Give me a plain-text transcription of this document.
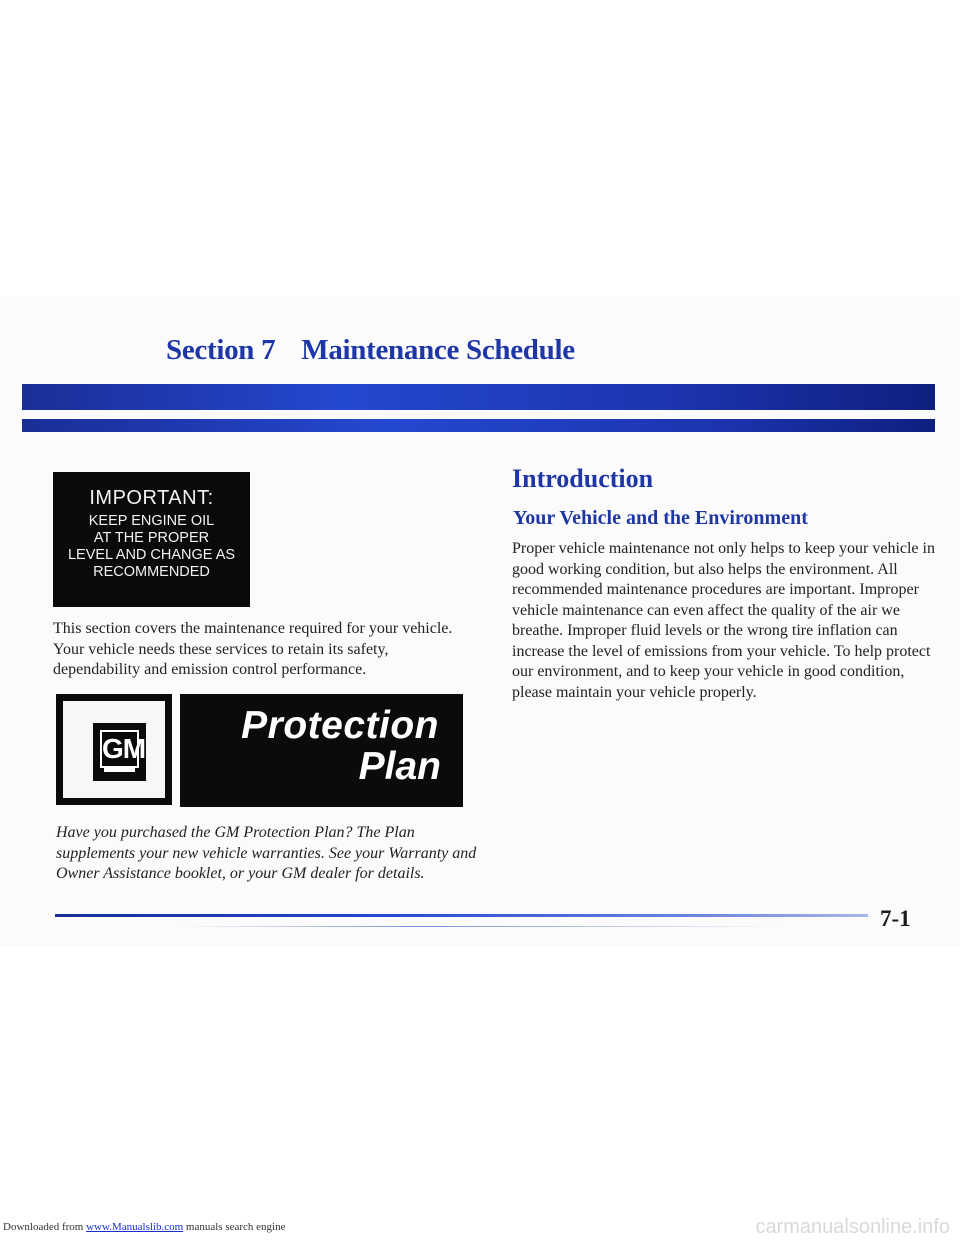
Section 7 Maintenance Schedule
IMPORTANT:
KEEP ENGINE OIL
AT THE PROPER
LEVEL AND CHANGE AS
RECOMMENDED

This section covers the maintenance required for your vehicle. Your vehicle needs these services to retain its safety, dependability and emission control performance.

GM
Protection
Plan

Have you purchased the GM Protection Plan? The Plan supplements your new vehicle warranties. See your Warranty and Owner Assistance booklet, or your GM dealer for details.

Introduction
Your Vehicle and the Environment

Proper vehicle maintenance not only helps to keep your vehicle in good working condition, but also helps the environment. All recommended maintenance procedures are important. Improper vehicle maintenance can even affect the quality of the air we breathe. Improper fluid levels or the wrong tire inflation can increase the level of emissions from your vehicle. To help protect our environment, and to keep your vehicle in good condition, please maintain your vehicle properly.

7-1

Downloaded from www.Manualslib.com manuals search engine	carmanualsonline.info
